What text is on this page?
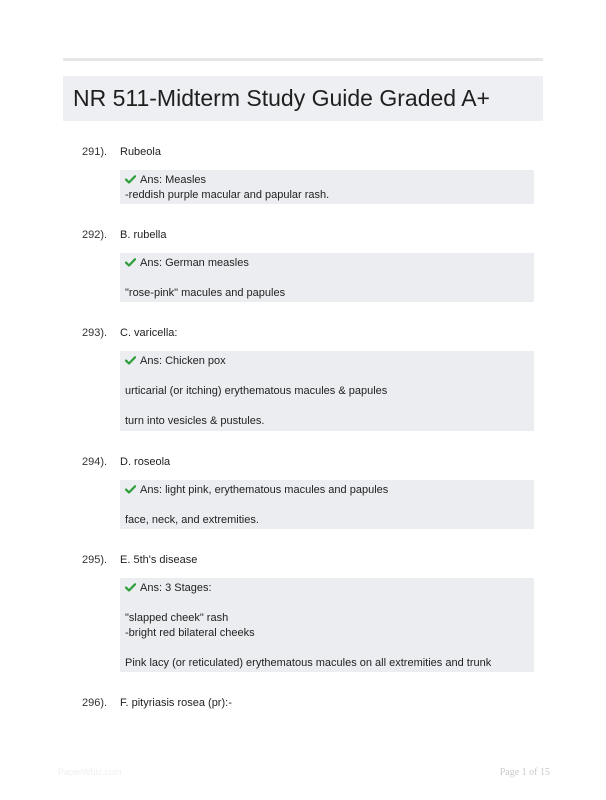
NR 511-Midterm Study Guide Graded A+
291). Rubeola
Ans: Measles
-reddish purple macular and papular rash.
292). B. rubella
Ans: German measles
"rose-pink" macules and papules
293). C. varicella:
Ans: Chicken pox
urticarial (or itching) erythematous macules & papules
turn into vesicles & pustules.
294). D. roseola
Ans: light pink, erythematous macules and papules
face, neck, and extremities.
295). E. 5th's disease
Ans: 3 Stages:
"slapped cheek" rash
-bright red bilateral cheeks
Pink lacy (or reticulated) erythematous macules on all extremities and trunk
296). F. pityriasis rosea (pr):-
PaperWbiz.com	Page 1 of 15
